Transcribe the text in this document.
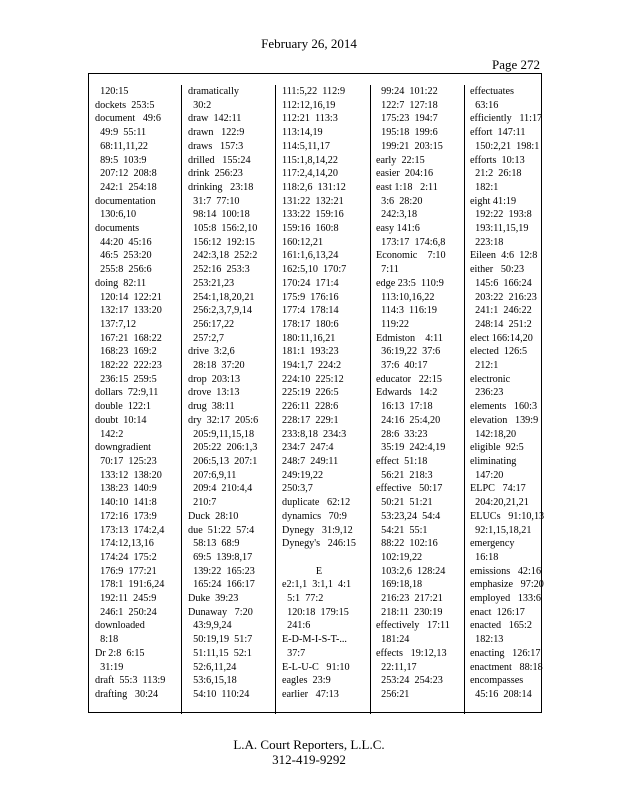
February 26, 2014
Page 272
120:15
dockets  253:5
document   49:6
49:9  55:11
68:11,11,22
89:5  103:9
207:12  208:8
242:1  254:18
documentation
130:6,10
documents
44:20  45:16
46:5  253:20
255:8  256:6
doing  82:11
120:14  122:21
132:17  133:20
137:7,12
167:21  168:22
168:23  169:2
182:22  222:23
236:15  259:5
dollars  72:9,11
double  122:1
doubt  10:14
142:2
downgradient
70:17  125:23
133:12  138:20
138:23  140:9
140:10  141:8
172:16  173:9
173:13  174:2,4
174:12,13,16
174:24  175:2
176:9  177:21
178:1  191:6,24
192:11  245:9
246:1  250:24
downloaded
8:18
Dr 2:8  6:15
31:19
draft  55:3  113:9
drafting   30:24
dramatically
30:2
draw  142:11
drawn   122:9
draws   157:3
drilled   155:24
drink  256:23
drinking   23:18
31:7  77:10
98:14  100:18
105:8  156:2,10
156:12  192:15
242:3,18  252:2
252:16  253:3
253:21,23
254:1,18,20,21
256:2,3,7,9,14
256:17,22
257:2,7
drive  3:2,6
28:18  37:20
drop  203:13
drove  13:13
drug  38:11
dry  32:17  205:6
205:9,11,15,18
205:22  206:1,3
206:5,13  207:1
207:6,9,11
209:4  210:4,4
210:7
Duck  28:10
due  51:22  57:4
58:13  68:9
69:5  139:8,17
139:22  165:23
165:24  166:17
Duke  39:23
Dunaway   7:20
43:9,9,24
50:19,19  51:7
51:11,15  52:1
52:6,11,24
53:6,15,18
54:10  110:24
111:5,22  112:9
112:12,16,19
112:21  113:3
113:14,19
114:5,11,17
115:1,8,14,22
117:2,4,14,20
118:2,6  131:12
131:22  132:21
133:22  159:16
159:16  160:8
160:12,21
161:1,6,13,24
162:5,10  170:7
170:24  171:4
175:9  176:16
177:4  178:14
178:17  180:6
180:11,16,21
181:1  193:23
194:1,7  224:2
224:10  225:12
225:19  226:5
226:11  228:6
228:17  229:1
233:8,18  234:3
234:7  247:4
248:7  249:11
249:19,22
250:3,7
duplicate   62:12
dynamics   70:9
Dynegy   31:9,12
Dynegy's   246:15

E
e2:1,1  3:1,1  4:1
5:1  77:2
120:18  179:15
241:6
E-D-M-I-S-T-...
37:7
E-L-U-C   91:10
eagles  23:9
earlier   47:13
99:24  101:22
122:7  127:18
175:23  194:7
195:18  199:6
199:21  203:15
early  22:15
easier  204:16
east 1:18   2:11
3:6  28:20
242:3,18
easy 141:6
173:17  174:6,8
Economic    7:10
7:11
edge 23:5  110:9
113:10,16,22
114:3  116:19
119:22
Edmiston    4:11
36:19,22  37:6
37:6  40:17
educator   22:15
Edwards   14:2
16:13  17:18
24:16  25:4,20
28:6  33:23
35:19  242:4,19
effect  51:18
56:21  218:3
effective   50:17
50:21  51:21
53:23,24  54:4
54:21  55:1
88:22  102:16
102:19,22
103:2,6  128:24
169:18,18
216:23  217:21
218:11  230:19
effectively   17:11
181:24
effects   19:12,13
22:11,17
253:24  254:23
256:21
effectuates
63:16
efficiently   11:17
effort  147:11
150:2,21  198:1
efforts  10:13
21:2  26:18
182:1
eight 41:19
192:22  193:8
193:11,15,19
223:18
Eileen  4:6  12:8
either   50:23
145:6  166:24
203:22  216:23
241:1  246:22
248:14  251:2
elect 166:14,20
elected  126:5
212:1
electronic
236:23
elements   160:3
elevation   139:9
142:18,20
eligible  92:5
eliminating
147:20
ELPC   74:17
204:20,21,21
ELUCs   91:10,13
92:1,15,18,21
emergency
16:18
emissions   42:16
emphasize   97:20
employed   133:6
enact  126:17
enacted   165:2
182:13
enacting   126:17
enactment   88:18
encompasses
45:16  208:14
L.A. Court Reporters, L.L.C.
312-419-9292
